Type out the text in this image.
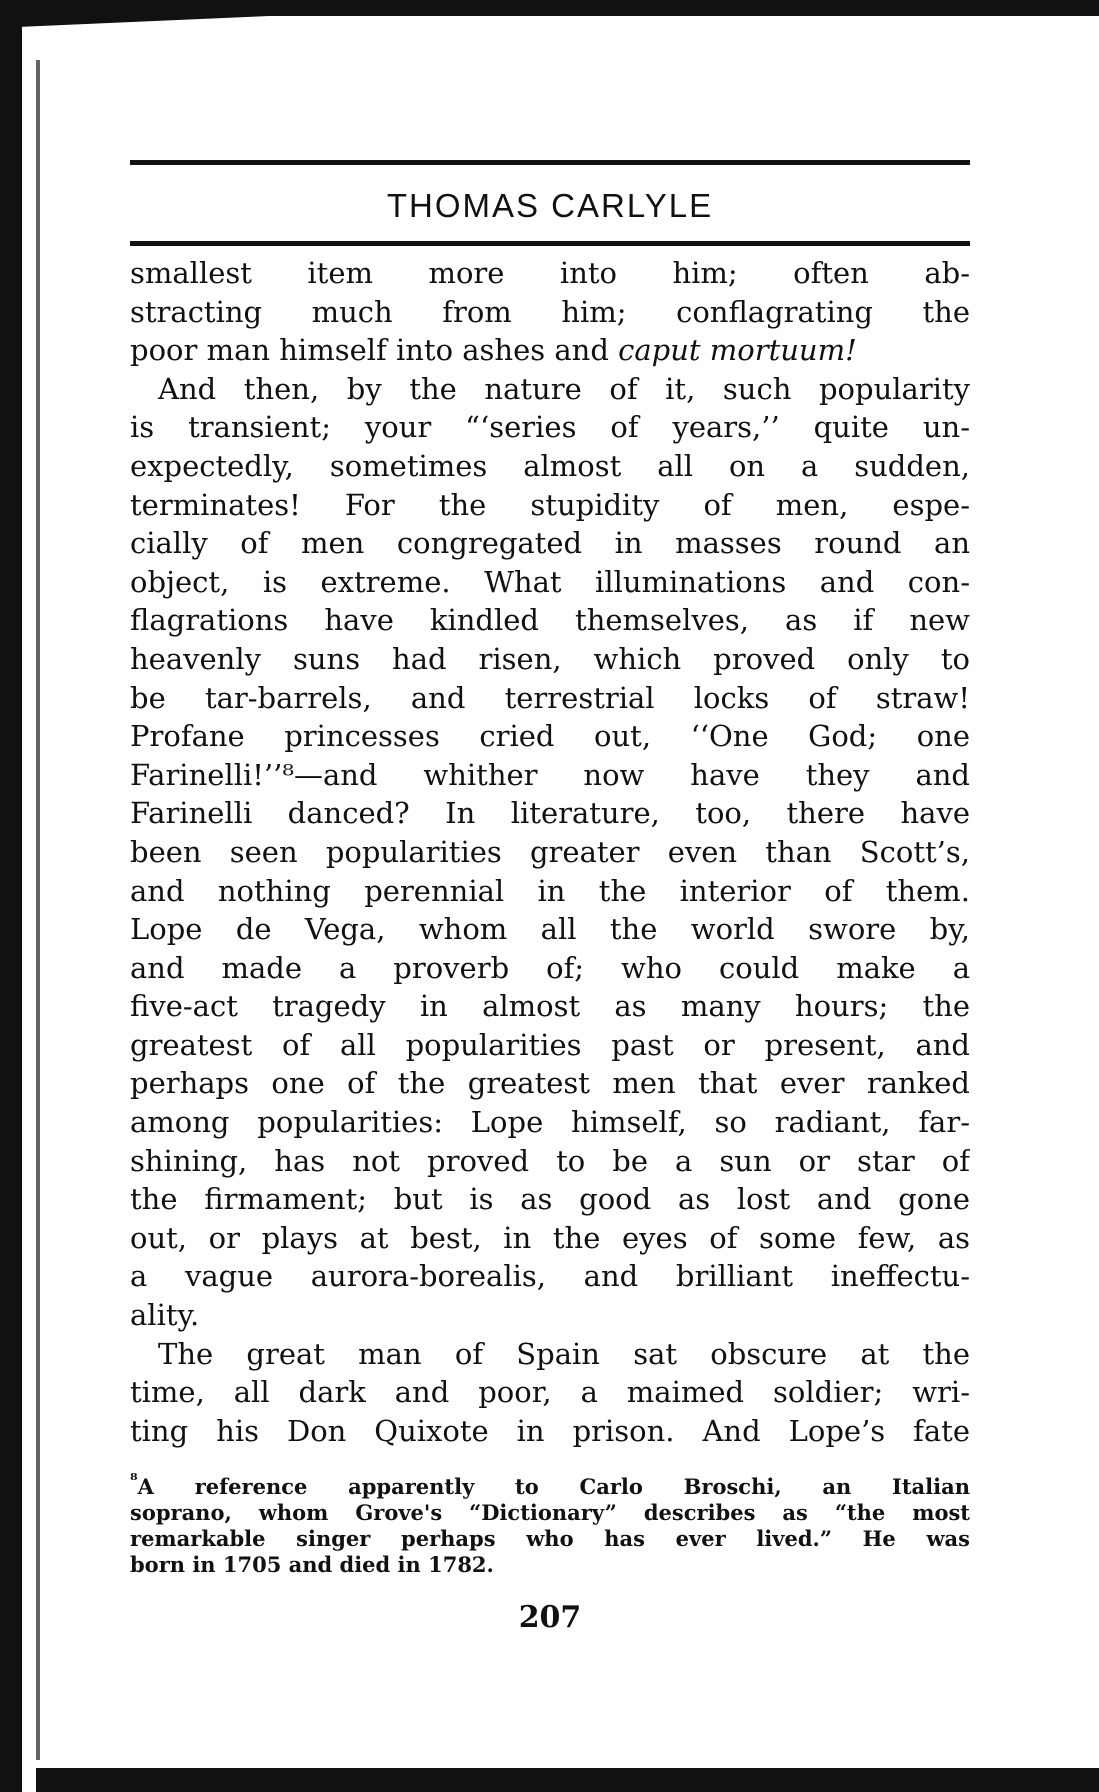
THOMAS CARLYLE

smallest item more into him; often ab-
stracting much from him; conflagrating the
poor man himself into ashes and caput mortuum!

And then, by the nature of it, such popularity
is transient; your “‘series of years,’’ quite un-
expectedly, sometimes almost all on a sudden,
terminates! For the stupidity of men, espe-
cially of men congregated in masses round an
object, is extreme. What illuminations and con-
flagrations have kindled themselves, as if new
heavenly suns had risen, which proved only to
be tar-barrels, and terrestrial locks of straw!
Profane princesses cried out, ‘‘One God; one
Farinelli!’’⁸—and whither now have they and
Farinelli danced? In literature, too, there have
been seen popularities greater even than Scott’s,
and nothing perennial in the interior of them.
Lope de Vega, whom all the world swore by,
and made a proverb of; who could make a
five-act tragedy in almost as many hours; the
greatest of all popularities past or present, and
perhaps one of the greatest men that ever ranked
among popularities: Lope himself, so radiant, far-
shining, has not proved to be a sun or star of
the firmament; but is as good as lost and gone
out, or plays at best, in the eyes of some few, as
a vague aurora-borealis, and brilliant ineffectu-
ality.

The great man of Spain sat obscure at the
time, all dark and poor, a maimed soldier; wri-
ting his Don Quixote in prison. And Lope’s fate

$^{^8}$A reference apparently to Carlo Broschi, an Italian
soprano, whom Grove's “Dictionary” describes as “the most
remarkable singer perhaps who has ever lived.” He was
born in 1705 and died in 1782.
207
